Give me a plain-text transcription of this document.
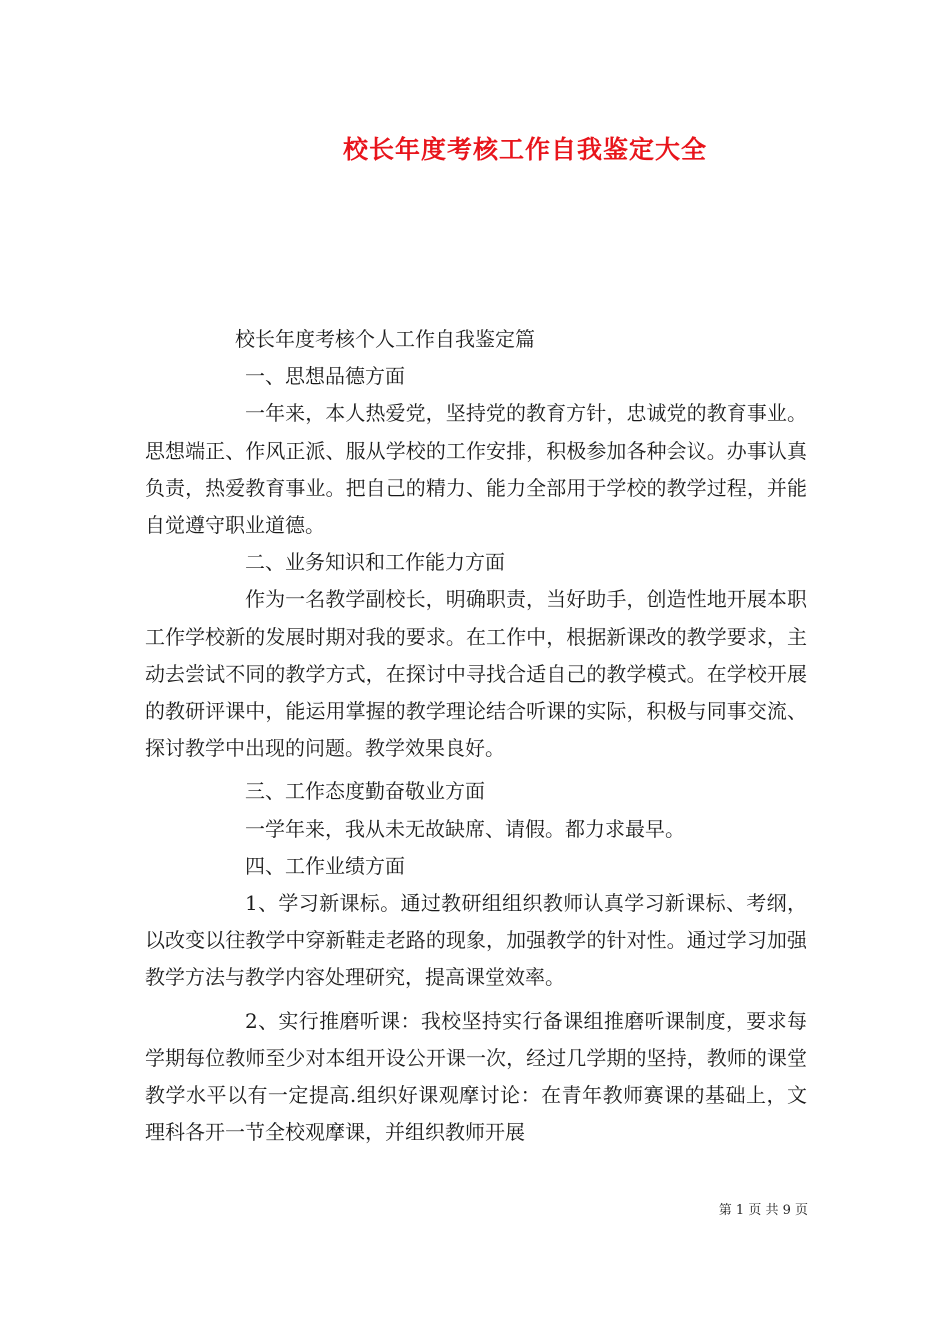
校长年度考核工作自我鉴定大全

校长年度考核个人工作自我鉴定篇

一、思想品德方面

一年来，本人热爱党，坚持党的教育方针，忠诚党的教育事业。思想端正、作风正派、服从学校的工作安排，积极参加各种会议。办事认真负责，热爱教育事业。把自己的精力、能力全部用于学校的教学过程，并能自觉遵守职业道德。

二、业务知识和工作能力方面

作为一名教学副校长，明确职责，当好助手，创造性地开展本职工作学校新的发展时期对我的要求。在工作中，根据新课改的教学要求，主动去尝试不同的教学方式，在探讨中寻找合适自己的教学模式。在学校开展的教研评课中，能运用掌握的教学理论结合听课的实际，积极与同事交流、探讨教学中出现的问题。教学效果良好。

三、工作态度勤奋敬业方面

一学年来，我从未无故缺席、请假。都力求最早。

四、工作业绩方面

1、学习新课标。通过教研组组织教师认真学习新课标、考纲，以改变以往教学中穿新鞋走老路的现象，加强教学的针对性。通过学习加强教学方法与教学内容处理研究，提高课堂效率。

2、实行推磨听课：我校坚持实行备课组推磨听课制度，要求每学期每位教师至少对本组开设公开课一次，经过几学期的坚持，教师的课堂教学水平以有一定提高.组织好课观摩讨论：在青年教师赛课的基础上，文理科各开一节全校观摩课，并组织教师开展

第 1 页 共 9 页
